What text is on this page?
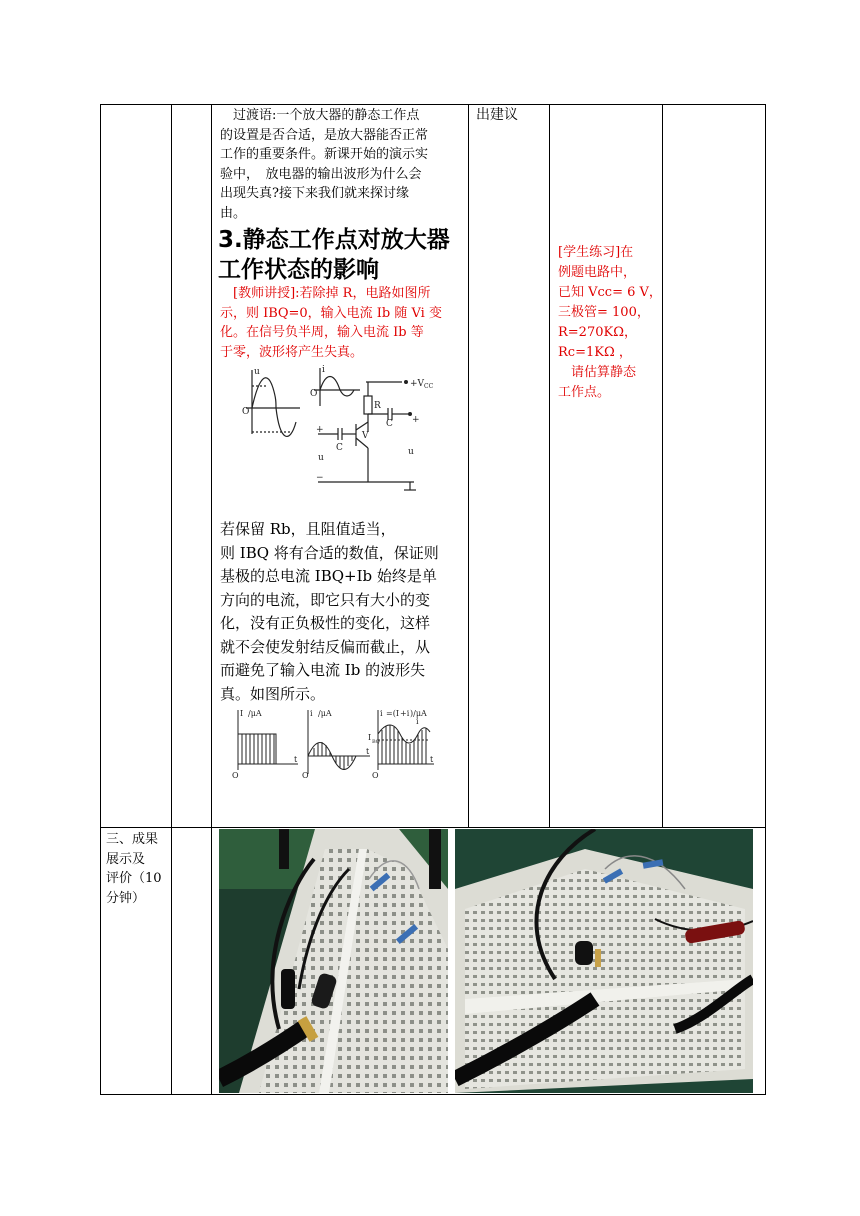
　过渡语:一个放大器的静态工作点
的设置是否合适，是放大器能否正常
工作的重要条件。新课开始的演示实
验中，　放电器的输出波形为什么会
出现失真?接下来我们就来探讨缘
由。
3.静态工作点对放大器
工作状态的影响
　[教师讲授]:若除掉 R，电路如图所
示，则 IBQ=0，输入电流 Ib 随 Vi 变
化。在信号负半周，输入电流 Ib 等
于零，波形将产生失真。
u
O
i
O
+V CC
R
C
C
V
u
u
+
−
+
若保留 Rb，且阻值适当，
则 IBQ 将有合适的数值，保证则
基极的总电流 IBQ+Ib 始终是单
方向的电流，即它只有大小的变
化，没有正负极性的变化，这样
就不会使发射结反偏而截止，从
而避免了输入电流 Ib 的波形失
真。如图所示。
I /μA
O
t
i /μA
O
t
i =(I +i )/μA
I BQ
i
O
t
出建议
[学生练习]在
例题电路中，
已知 Vcc= 6 V，
三极管= 100，
R=270KΩ，
Rc=1KΩ ，
　请估算静态
工作点。
三、成果
展示及
评价（10
分钟）
